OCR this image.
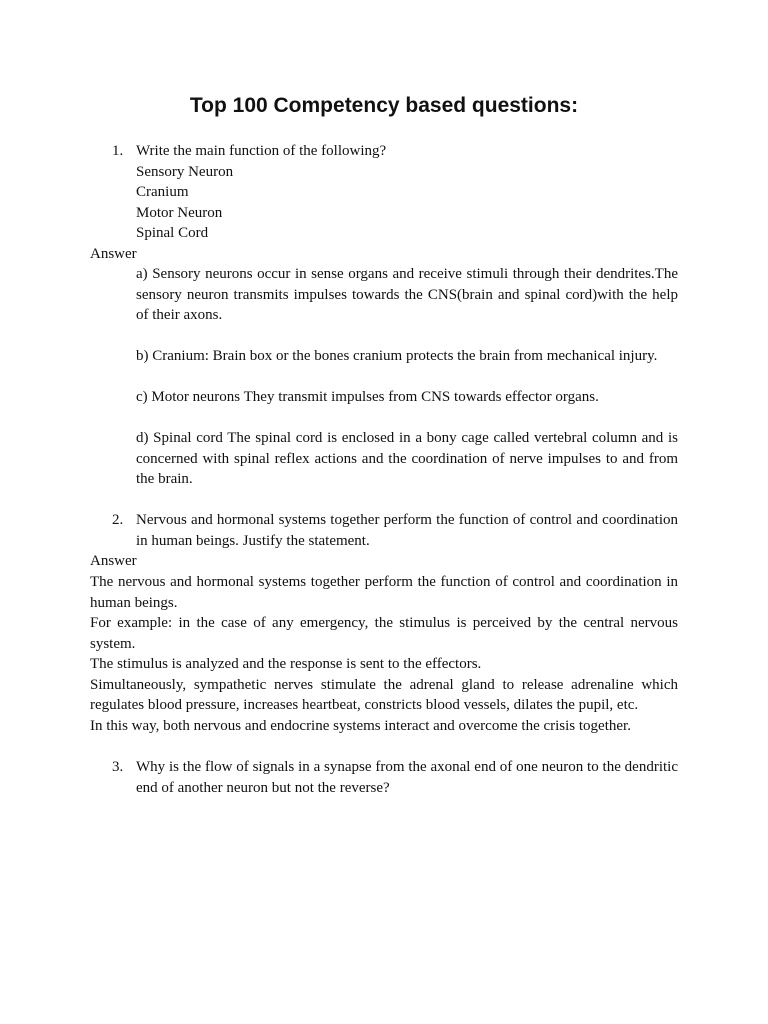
Top 100 Competency based questions:
1. Write the main function of the following?
Sensory Neuron
Cranium
Motor Neuron
Spinal Cord
Answer

a) Sensory neurons occur in sense organs and receive stimuli through their dendrites.The sensory neuron transmits impulses towards the CNS(brain and spinal cord)with the help of their axons.

b) Cranium: Brain box or the bones cranium protects the brain from mechanical injury.

c) Motor neurons They transmit impulses from CNS towards effector organs.

d) Spinal cord The spinal cord is enclosed in a bony cage called vertebral column and is concerned with spinal reflex actions and the coordination of nerve impulses to and from the brain.

2. Nervous and hormonal systems together perform the function of control and coordination in human beings. Justify the statement.
Answer

The nervous and hormonal systems together perform the function of control and coordination in human beings.

For example: in the case of any emergency, the stimulus is perceived by the central nervous system.

The stimulus is analyzed and the response is sent to the effectors.

Simultaneously, sympathetic nerves stimulate the adrenal gland to release adrenaline which regulates blood pressure, increases heartbeat, constricts blood vessels, dilates the pupil, etc.

In this way, both nervous and endocrine systems interact and overcome the crisis together.

3. Why is the flow of signals in a synapse from the axonal end of one neuron to the dendritic end of another neuron but not the reverse?
